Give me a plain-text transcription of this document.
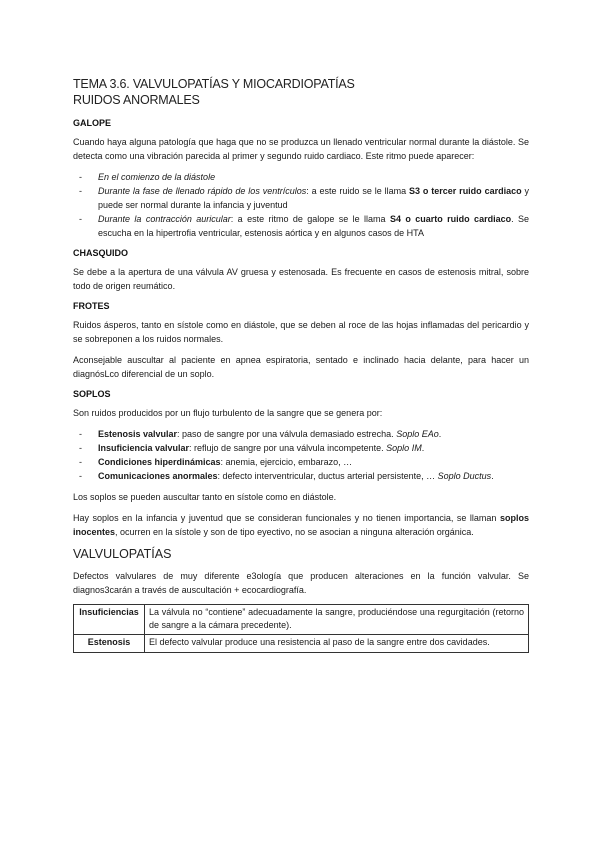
TEMA 3.6. VALVULOPATÍAS Y MIOCARDIOPATÍAS
RUIDOS ANORMALES
GALOPE

Cuando haya alguna patología que haga que no se produzca un llenado ventricular normal durante la diástole. Se detecta como una vibración parecida al primer y segundo ruido cardiaco. Este ritmo puede aparecer:

- En el comienzo de la diástole
- Durante la fase de llenado rápido de los ventrículos: a este ruido se le llama S3 o tercer ruido cardiaco y puede ser normal durante la infancia y juventud
- Durante la contracción auricular: a este ritmo de galope se le llama S4 o cuarto ruido cardiaco. Se escucha en la hipertrofia ventricular, estenosis aórtica y en algunos casos de HTA
CHASQUIDO

Se debe a la apertura de una válvula AV gruesa y estenosada. Es frecuente en casos de estenosis mitral, sobre todo de origen reumático.

FROTES

Ruidos ásperos, tanto en sístole como en diástole, que se deben al roce de las hojas inflamadas del pericardio y se sobreponen a los ruidos normales.

Aconsejable auscultar al paciente en apnea espiratoria, sentado e inclinado hacia delante, para hacer un diagnósLco diferencial de un soplo.

SOPLOS

Son ruidos producidos por un flujo turbulento de la sangre que se genera por:

- Estenosis valvular: paso de sangre por una válvula demasiado estrecha. Soplo EAo.
- Insuficiencia valvular: reflujo de sangre por una válvula incompetente. Soplo IM.
- Condiciones hiperdinámicas: anemia, ejercicio, embarazo, …
- Comunicaciones anormales: defecto interventricular, ductus arterial persistente, … Soplo Ductus.

Los soplos se pueden auscultar tanto en sístole como en diástole.

Hay soplos en la infancia y juventud que se consideran funcionales y no tienen importancia, se llaman soplos inocentes, ocurren en la sístole y son de tipo eyectivo, no se asocian a ninguna alteración orgánica.

VALVULOPATÍAS

Defectos valvulares de muy diferente e3ología que producen alteraciones en la función valvular. Se diagnos3carán a través de auscultación + ecocardiografía.

Insuficiencias	La válvula no “contiene” adecuadamente la sangre, produciéndose una regurgitación (retorno de sangre a la cámara precedente).
Estenosis	El defecto valvular produce una resistencia al paso de la sangre entre dos cavidades.
